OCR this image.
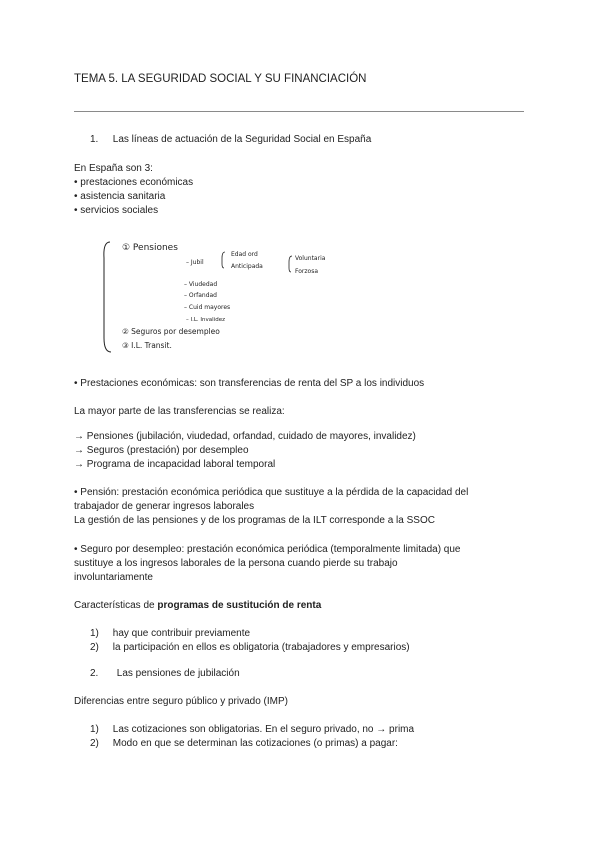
TEMA 5. LA SEGURIDAD SOCIAL Y SU FINANCIACIÓN
1. Las líneas de actuación de la Seguridad Social en España
En España son 3:
• prestaciones económicas
• asistencia sanitaria
• servicios sociales
① Pensiones
– Jubil
Edad ord
Anticipada
Voluntaria
Forzosa
– Viudedad
– Orfandad
– Cuid mayores
– I.L. Invalidez
② Seguros por desempleo
③ I.L. Transit.
• Prestaciones económicas: son transferencias de renta del SP a los individuos
La mayor parte de las transferencias se realiza:
→ Pensiones (jubilación, viudedad, orfandad, cuidado de mayores, invalidez)
→ Seguros (prestación) por desempleo
→ Programa de incapacidad laboral temporal
• Pensión: prestación económica periódica que sustituye a la pérdida de la capacidad del
trabajador de generar ingresos laborales
La gestión de las pensiones y de los programas de la ILT corresponde a la SSOC
• Seguro por desempleo: prestación económica periódica (temporalmente limitada) que
sustituye a los ingresos laborales de la persona cuando pierde su trabajo
involuntariamente
Características de programas de sustitución de renta
1) hay que contribuir previamente
2) la participación en ellos es obligatoria (trabajadores y empresarios)
2. Las pensiones de jubilación
Diferencias entre seguro público y privado (IMP)
1) Las cotizaciones son obligatorias. En el seguro privado, no → prima
2) Modo en que se determinan las cotizaciones (o primas) a pagar:
